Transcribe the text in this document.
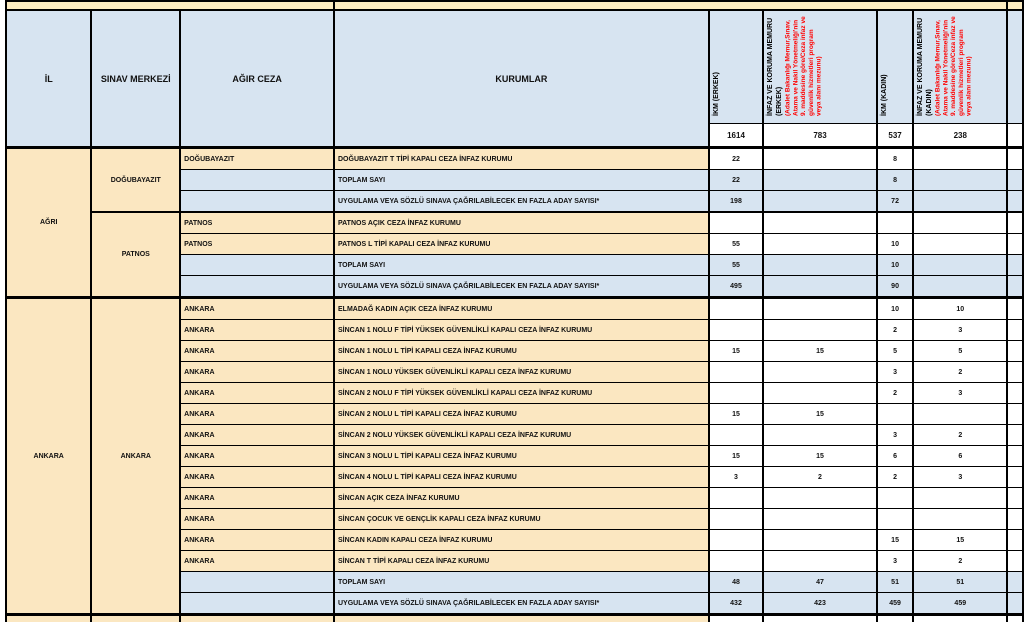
İL	SINAV MERKEZİ	AĞIR CEZA	KURUMLAR	İKM (ERKEK)	İNFAZ VE KORUMA MEMURU (ERKEK) (Adalet Bakanlığı Memur,Sınav, Atama ve Nakil Yönetmeliği'nin 9. maddesine göre/Ceza infaz ve güvenlik hizmetleri program veya alanı mezunu)	İKM (KADIN)	İNFAZ VE KORUMA MEMURU (KADIN) (Adalet Bakanlığı Memur,Sınav, Atama ve Nakil Yönetmeliği'nin 9. maddesine göre/Ceza infaz ve güvenlik hizmetleri program veya alanı mezunu)	

				1614	783	537	238	
AĞRI	DOĞUBAYAZIT	DOĞUBAYAZIT	DOĞUBAYAZIT T TİPİ KAPALI CEZA İNFAZ KURUMU	22		8		
			TOPLAM SAYI	22		8		
			UYGULAMA VEYA SÖZLÜ SINAVA ÇAĞRILABİLECEK EN FAZLA ADAY SAYISI*	198		72		
	PATNOS	PATNOS	PATNOS AÇIK CEZA İNFAZ KURUMU					
		PATNOS	PATNOS L TİPİ KAPALI CEZA İNFAZ KURUMU	55		10		
			TOPLAM SAYI	55		10		
			UYGULAMA VEYA SÖZLÜ SINAVA ÇAĞRILABİLECEK EN FAZLA ADAY SAYISI*	495		90		
ANKARA	ANKARA	ANKARA	ELMADAĞ KADIN AÇIK CEZA İNFAZ KURUMU			10	10	
		ANKARA	SİNCAN 1 NOLU F TİPİ YÜKSEK GÜVENLİKLİ KAPALI CEZA İNFAZ KURUMU			2	3	
		ANKARA	SİNCAN 1 NOLU L TİPİ KAPALI CEZA İNFAZ KURUMU	15	15	5	5	
		ANKARA	SİNCAN 1 NOLU YÜKSEK GÜVENLİKLİ KAPALI CEZA İNFAZ KURUMU			3	2	
		ANKARA	SİNCAN 2 NOLU F TİPİ YÜKSEK GÜVENLİKLİ KAPALI CEZA İNFAZ KURUMU			2	3	
		ANKARA	SİNCAN 2 NOLU L TİPİ KAPALI CEZA İNFAZ KURUMU	15	15			
		ANKARA	SİNCAN 2 NOLU YÜKSEK GÜVENLİKLİ KAPALI CEZA İNFAZ KURUMU			3	2	
		ANKARA	SİNCAN 3 NOLU L TİPİ KAPALI CEZA İNFAZ KURUMU	15	15	6	6	
		ANKARA	SİNCAN 4 NOLU L TİPİ KAPALI CEZA İNFAZ KURUMU	3	2	2	3	
		ANKARA	SİNCAN AÇIK CEZA İNFAZ KURUMU					
		ANKARA	SİNCAN ÇOCUK VE GENÇLİK KAPALI CEZA İNFAZ KURUMU					
		ANKARA	SİNCAN KADIN KAPALI CEZA İNFAZ KURUMU			15	15	
		ANKARA	SİNCAN T TİPİ KAPALI CEZA İNFAZ KURUMU			3	2	
			TOPLAM SAYI	48	47	51	51	
			UYGULAMA VEYA SÖZLÜ SINAVA ÇAĞRILABİLECEK EN FAZLA ADAY SAYISI*	432	423	459	459	
